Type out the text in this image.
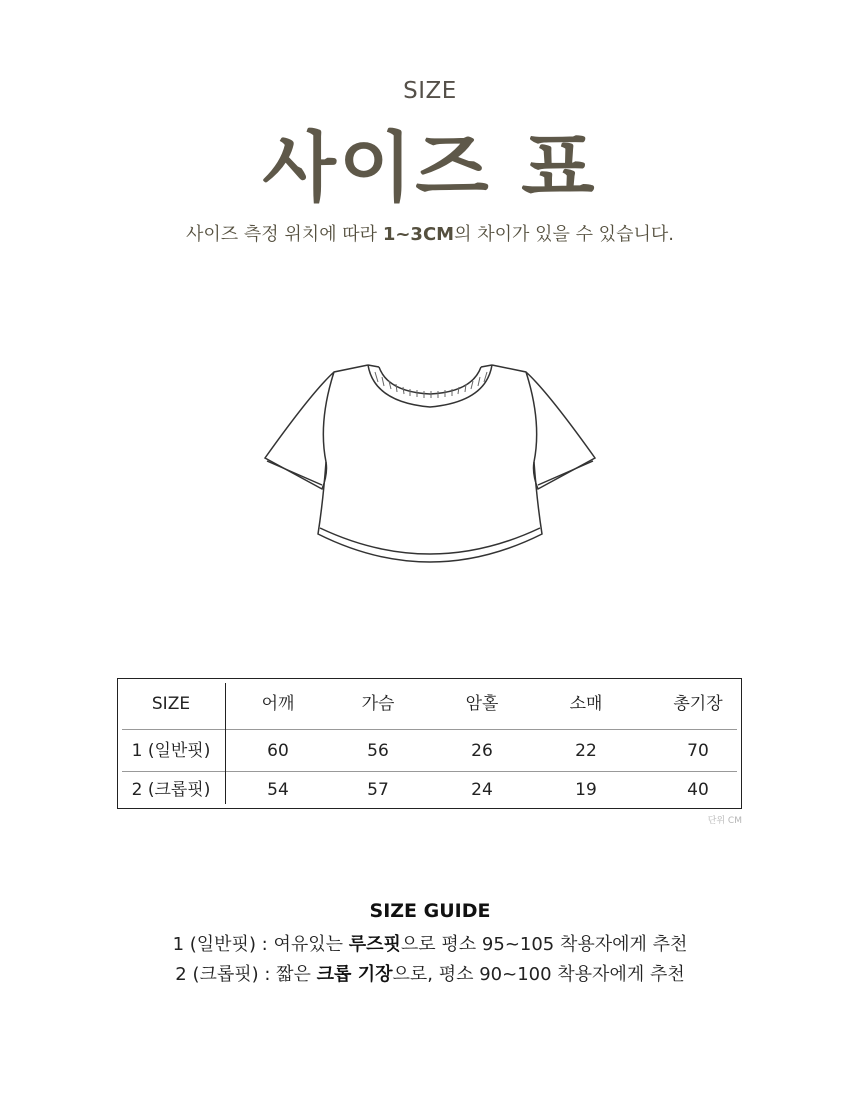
SIZE
사이즈 표
사이즈 측정 위치에 따라 1~3CM의 차이가 있을 수 있습니다.
SIZE	어깨	가슴	암홀	소매	총기장
1 (일반핏)	60	56	26	22	70
2 (크롭핏)	54	57	24	19	40
단위 CM
SIZE GUIDE
1 (일반핏) : 여유있는 루즈핏으로 평소 95~105 착용자에게 추천
2 (크롭핏) : 짧은 크롭 기장으로, 평소 90~100 착용자에게 추천
